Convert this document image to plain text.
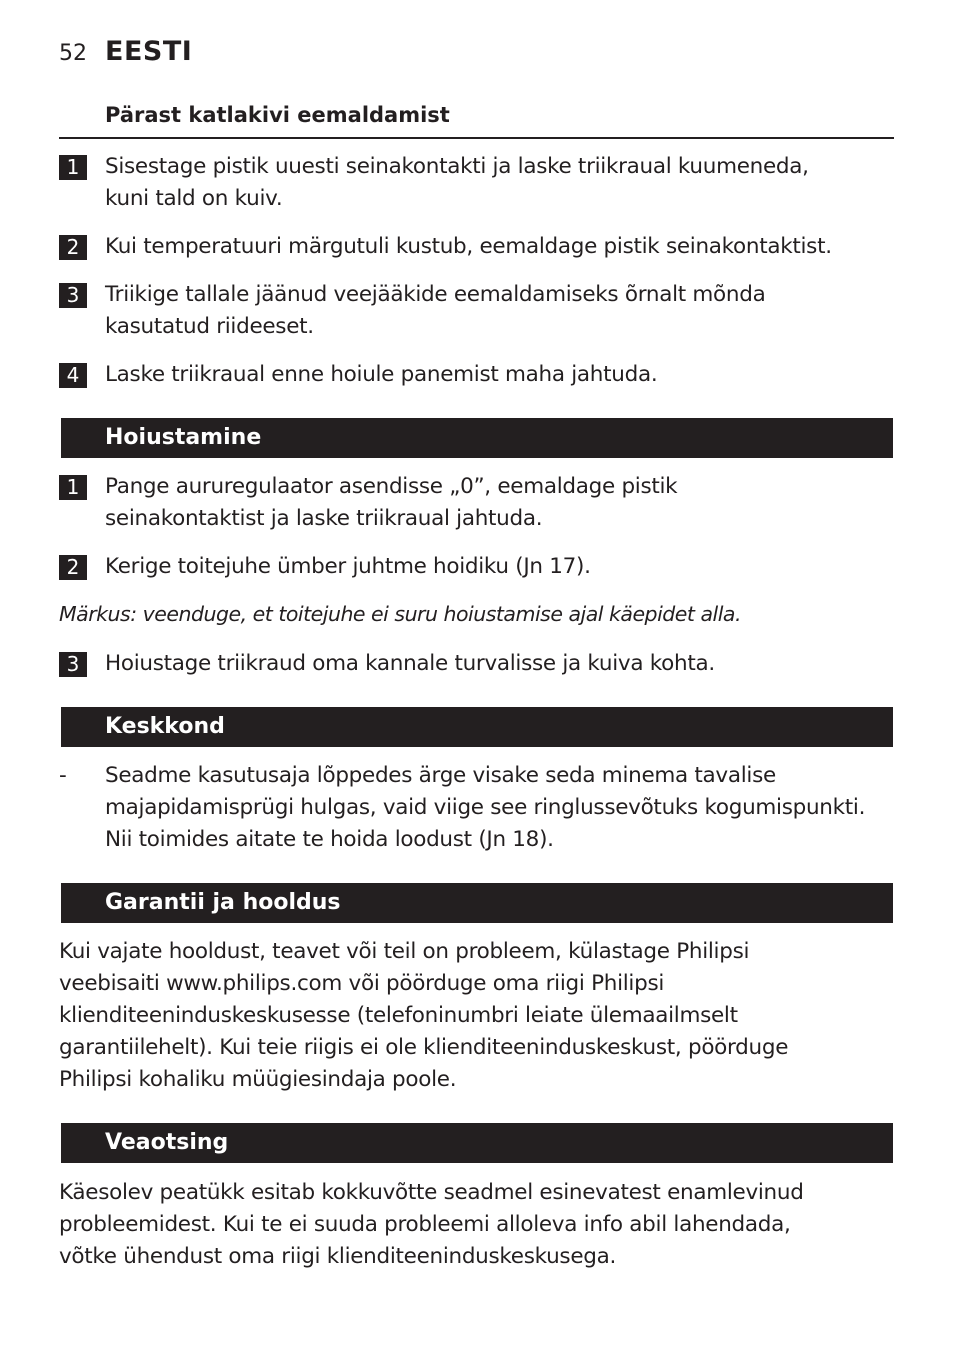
52 EESTI
Pärast katlakivi eemaldamist
1	Sisestage pistik uuesti seinakontakti ja laske triikraual kuumeneda,
kuni tald on kuiv.
2	Kui temperatuuri märgutuli kustub, eemaldage pistik seinakontaktist.
3	Triikige tallale jäänud veejääkide eemaldamiseks õrnalt mõnda
kasutatud riideeset.
4	Laske triikraual enne hoiule panemist maha jahtuda.
Hoiustamine
1	Pange aururegulaator asendisse „0”, eemaldage pistik
seinakontaktist ja laske triikraual jahtuda.
2	Kerige toitejuhe ümber juhtme hoidiku (Jn 17).
Märkus: veenduge, et toitejuhe ei suru hoiustamise ajal käepidet alla.
3	Hoiustage triikraud oma kannale turvalisse ja kuiva kohta.
Keskkond
-	Seadme kasutusaja lõppedes ärge visake seda minema tavalise
majapidamisprügi hulgas, vaid viige see ringlussevõtuks kogumispunkti.
Nii toimides aitate te hoida loodust (Jn 18).
Garantii ja hooldus
Kui vajate hooldust, teavet või teil on probleem, külastage Philipsi
veebisaiti www.philips.com või pöörduge oma riigi Philipsi
klienditeeninduskeskusesse (telefoninumbri leiate ülemaailmselt
garantiilehelt). Kui teie riigis ei ole klienditeeninduskeskust, pöörduge
Philipsi kohaliku müügiesindaja poole.
Veaotsing
Käesolev peatükk esitab kokkuvõtte seadmel esinevatest enamlevinud
probleemidest. Kui te ei suuda probleemi alloleva info abil lahendada,
võtke ühendust oma riigi klienditeeninduskeskusega.
